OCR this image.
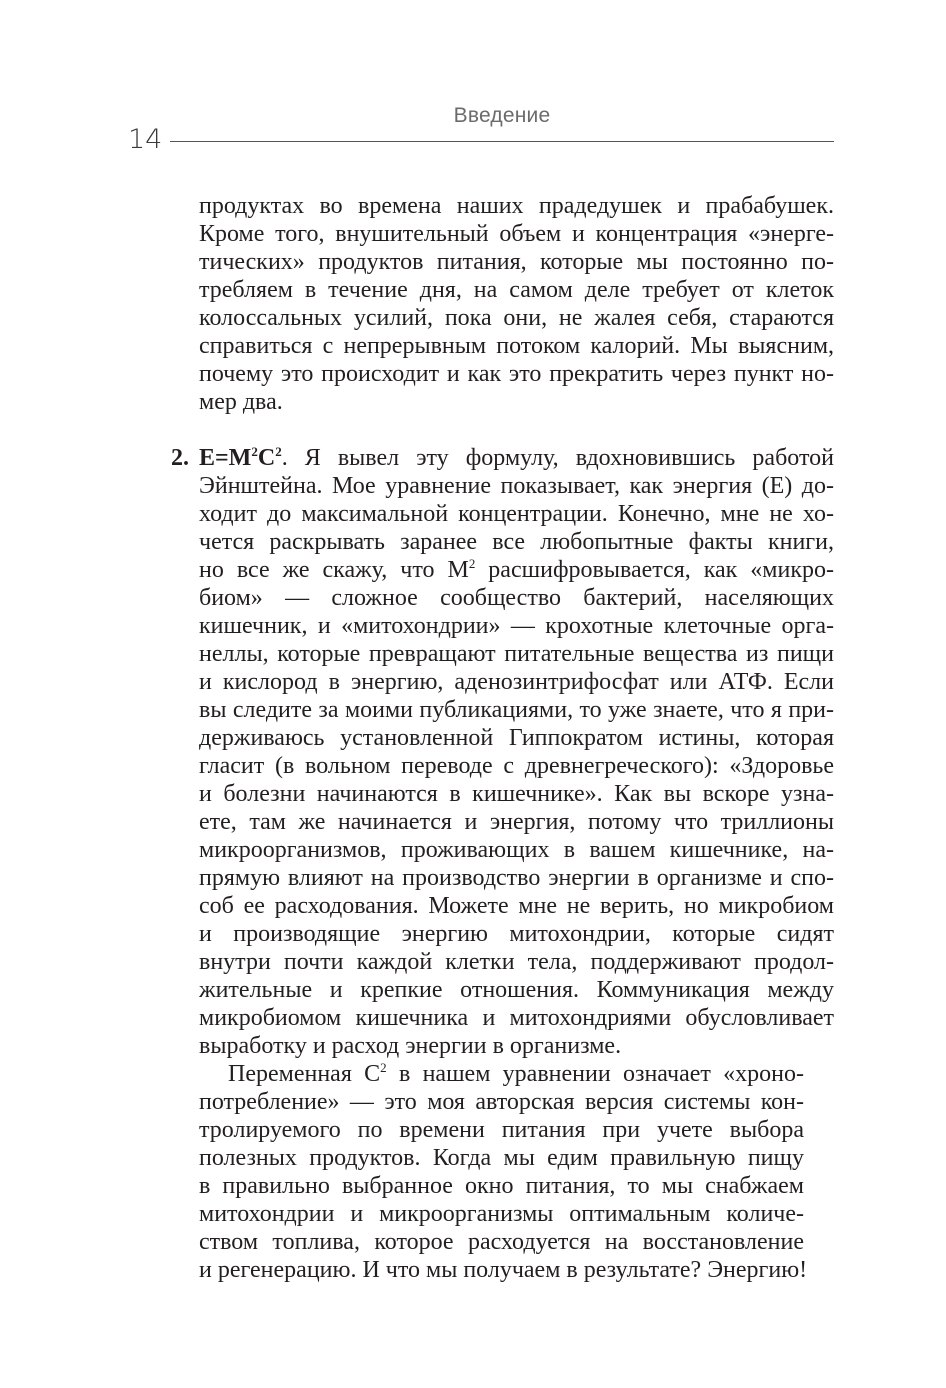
Введение
14
продуктах во времена наших прадедушек и прабабушек.
Кроме того, внушительный объем и концентрация «энерге-
тических» продуктов питания, которые мы постоянно по-
требляем в течение дня, на самом деле требует от клеток
колоссальных усилий, пока они, не жалея себя, стараются
справиться с непрерывным потоком калорий. Мы выясним,
почему это происходит и как это прекратить через пункт но-
мер два.
2. $E=M^2C^2$. Я вывел эту формулу, вдохновившись работой
Эйнштейна. Мое уравнение показывает, как энергия (E) до-
ходит до максимальной концентрации. Конечно, мне не хо-
чется раскрывать заранее все любопытные факты книги,
но все же скажу, что $M^2$ расшифровывается, как «микро-
биом» — сложное сообщество бактерий, населяющих
кишечник, и «митохондрии» — крохотные клеточные орга-
неллы, которые превращают питательные вещества из пищи
и кислород в энергию, аденозинтрифосфат или АТФ. Если
вы следите за моими публикациями, то уже знаете, что я при-
держиваюсь установленной Гиппократом истины, которая
гласит (в вольном переводе с древнегреческого): «Здоровье
и болезни начинаются в кишечнике». Как вы вскоре узна-
ете, там же начинается и энергия, потому что триллионы
микроорганизмов, проживающих в вашем кишечнике, на-
прямую влияют на производство энергии в организме и спо-
соб ее расходования. Можете мне не верить, но микробиом
и производящие энергию митохондрии, которые сидят
внутри почти каждой клетки тела, поддерживают продол-
жительные и крепкие отношения. Коммуникация между
микробиомом кишечника и митохондриями обусловливает
выработку и расход энергии в организме.
Переменная $C^2$ в нашем уравнении означает «хроно-
потребление» — это моя авторская версия системы кон-
тролируемого по времени питания при учете выбора
полезных продуктов. Когда мы едим правильную пищу
в правильно выбранное окно питания, то мы снабжаем
митохондрии и микроорганизмы оптимальным количе-
ством топлива, которое расходуется на восстановление
и регенерацию. И что мы получаем в результате? Энергию!
